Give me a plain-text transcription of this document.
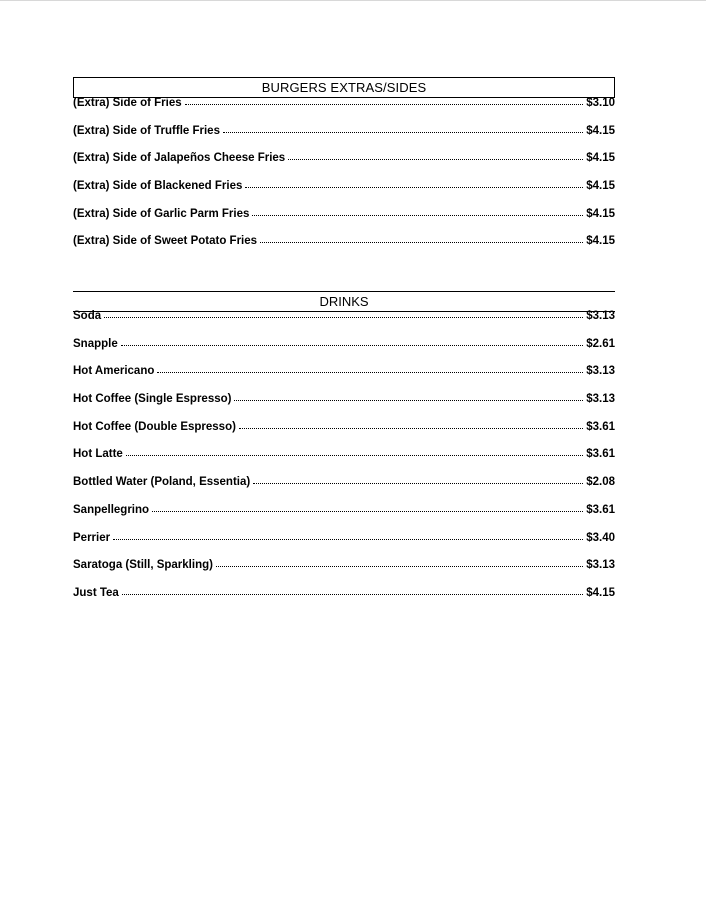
BURGERS EXTRAS/SIDES
(Extra) Side of Fries	$3.10
(Extra) Side of Truffle Fries	$4.15
(Extra) Side of Jalapeños Cheese Fries	$4.15
(Extra) Side of Blackened Fries	$4.15
(Extra) Side of Garlic Parm Fries	$4.15
(Extra) Side of Sweet Potato Fries	$4.15
DRINKS
Soda	$3.13
Snapple	$2.61
Hot Americano	$3.13
Hot Coffee (Single Espresso)	$3.13
Hot Coffee (Double Espresso)	$3.61
Hot Latte	$3.61
Bottled Water (Poland, Essentia)	$2.08
Sanpellegrino	$3.61
Perrier	$3.40
Saratoga (Still, Sparkling)	$3.13
Just Tea	$4.15
